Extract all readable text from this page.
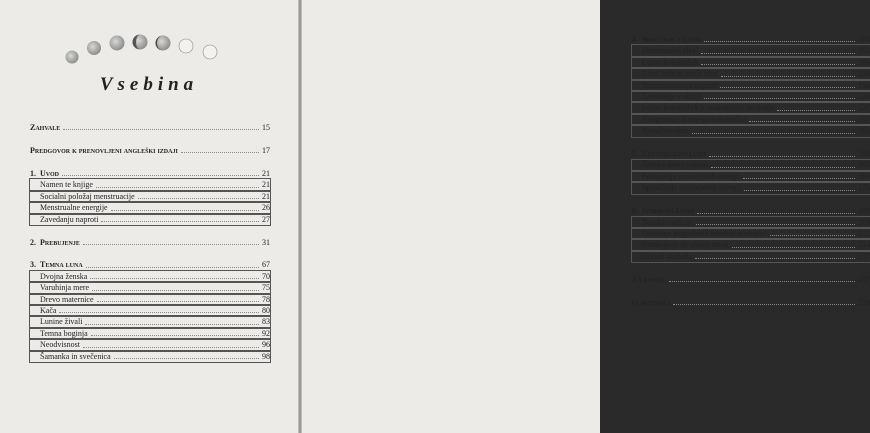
Vsebina
Zahvale	15
Predgovor k prenovljeni angleški izdaji	17
1. Uvod	21
Namen te knjige	21
Socialni položaj menstruacije	21
Menstrualne energije	26
Zavedanju naproti	27
2. Prebujenje	31
3. Temna luna	67
Dvojna ženska	70
Varuhinja mere	75
Drevo maternice	78
Kača	80
Lunine živali	83
Temna boginja	92
Neodvisnost	96
Šamanka in svečenica	98
4. Srečanje z Luno	103
Menstrualni cikel	103
Lunin koledarček	106
Cikel bele in rdeče lune	114
Samozavedanju naproti	116
Zavedanje v akciji	124
Lunin koledarček v vsakdanjem življenju	127
Nadgradnja luninega koledarčka	157
Nadaljnje delo	161
5. Ustvarjalna luna	163
Ženska ustvarjalnost	163
Prebujanje ustvarjalnih energij	169
Sproščanje ustvarjalnih energij	175
6. Spiralna Luna	209
Ženska tradicija	209
Obujanje pogrešanih ženskih arhetipov	212
Usmerjanje in učenje otrok	214
Obredi prehoda	217
Za konec	237
O avtorici	239
